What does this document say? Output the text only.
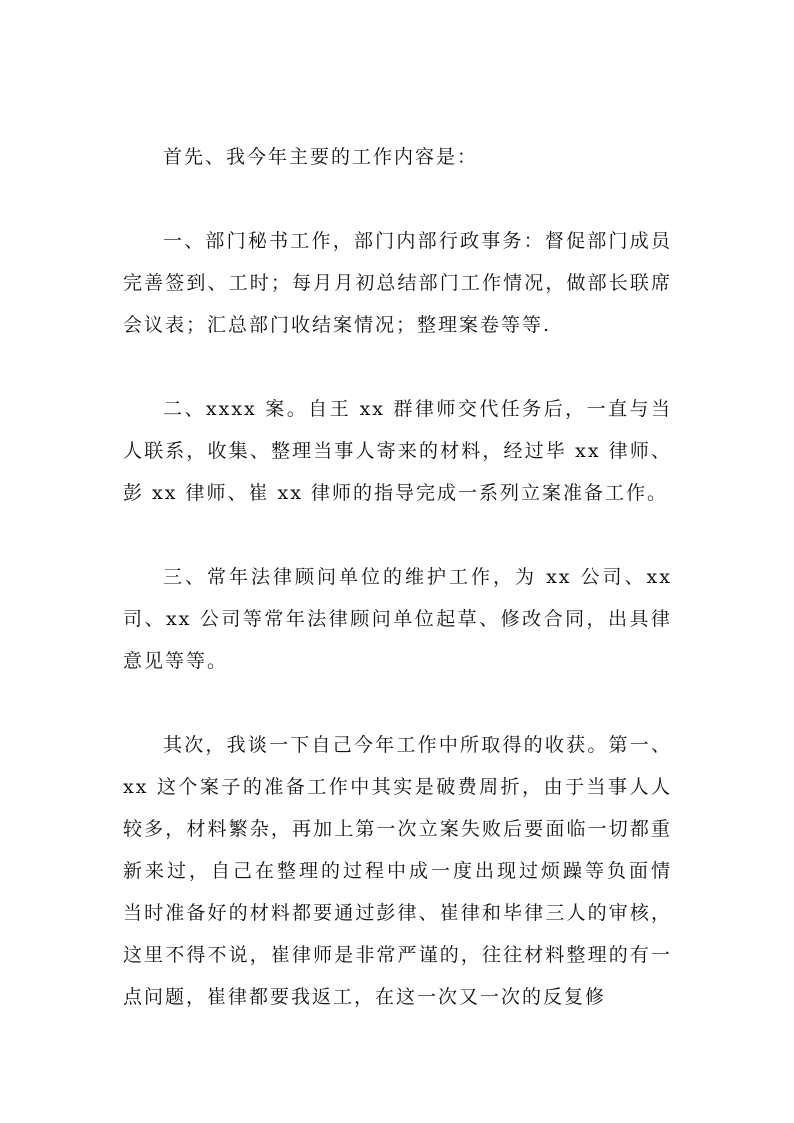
首先、我今年主要的工作内容是：
一、部门秘书工作，部门内部行政事务：督促部门成员
完善签到、工时；每月月初总结部门工作情况，做部长联席
会议表；汇总部门收结案情况；整理案卷等等.
二、xxxx 案。自王 xx 群律师交代任务后，一直与当
人联系，收集、整理当事人寄来的材料，经过毕 xx 律师、
彭 xx 律师、崔 xx 律师的指导完成一系列立案准备工作。
三、常年法律顾问单位的维护工作，为 xx 公司、xx
司、xx 公司等常年法律顾问单位起草、修改合同，出具律
意见等等。
其次，我谈一下自己今年工作中所取得的收获。第一、
xx 这个案子的准备工作中其实是破费周折，由于当事人人
较多，材料繁杂，再加上第一次立案失败后要面临一切都重
新来过，自己在整理的过程中成一度出现过烦躁等负面情
当时准备好的材料都要通过彭律、崔律和毕律三人的审核，
这里不得不说，崔律师是非常严谨的，往往材料整理的有一
点问题，崔律都要我返工，在这一次又一次的反复修
